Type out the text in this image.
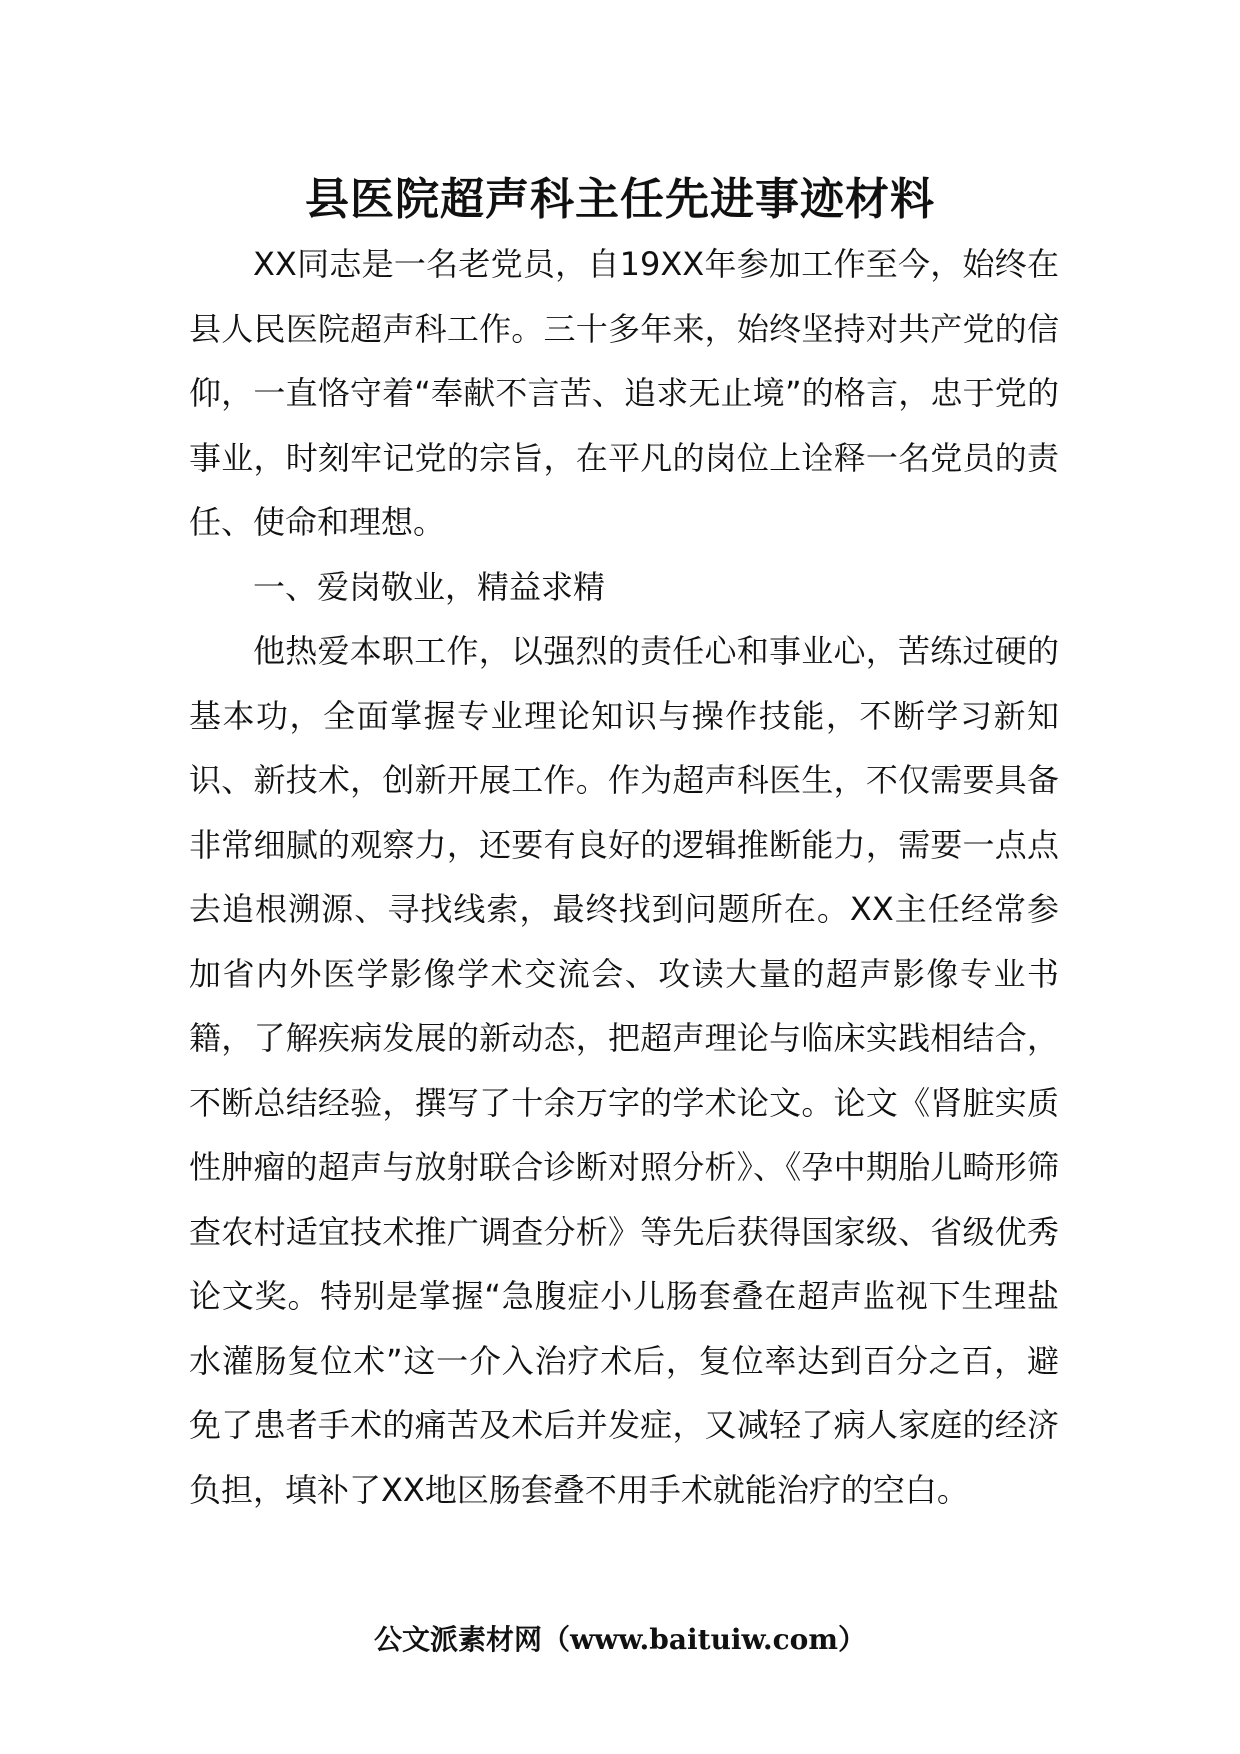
县医院超声科主任先进事迹材料

XX同志是一名老党员，自19XX年参加工作至今，始终在县人民医院超声科工作。三十多年来，始终坚持对共产党的信仰，一直恪守着“奉献不言苦、追求无止境”的格言，忠于党的事业，时刻牢记党的宗旨，在平凡的岗位上诠释一名党员的责任、使命和理想。

一、爱岗敬业，精益求精

他热爱本职工作，以强烈的责任心和事业心，苦练过硬的基本功，全面掌握专业理论知识与操作技能，不断学习新知识、新技术，创新开展工作。作为超声科医生，不仅需要具备非常细腻的观察力，还要有良好的逻辑推断能力，需要一点点去追根溯源、寻找线索，最终找到问题所在。XX主任经常参加省内外医学影像学术交流会、攻读大量的超声影像专业书籍，了解疾病发展的新动态，把超声理论与临床实践相结合，不断总结经验，撰写了十余万字的学术论文。论文《肾脏实质性肿瘤的超声与放射联合诊断对照分析》、《孕中期胎儿畸形筛查农村适宜技术推广调查分析》等先后获得国家级、省级优秀论文奖。特别是掌握“急腹症小儿肠套叠在超声监视下生理盐水灌肠复位术”这一介入治疗术后，复位率达到百分之百，避免了患者手术的痛苦及术后并发症，又减轻了病人家庭的经济负担，填补了XX地区肠套叠不用手术就能治疗的空白。

公文派素材网（www.baituiw.com）
